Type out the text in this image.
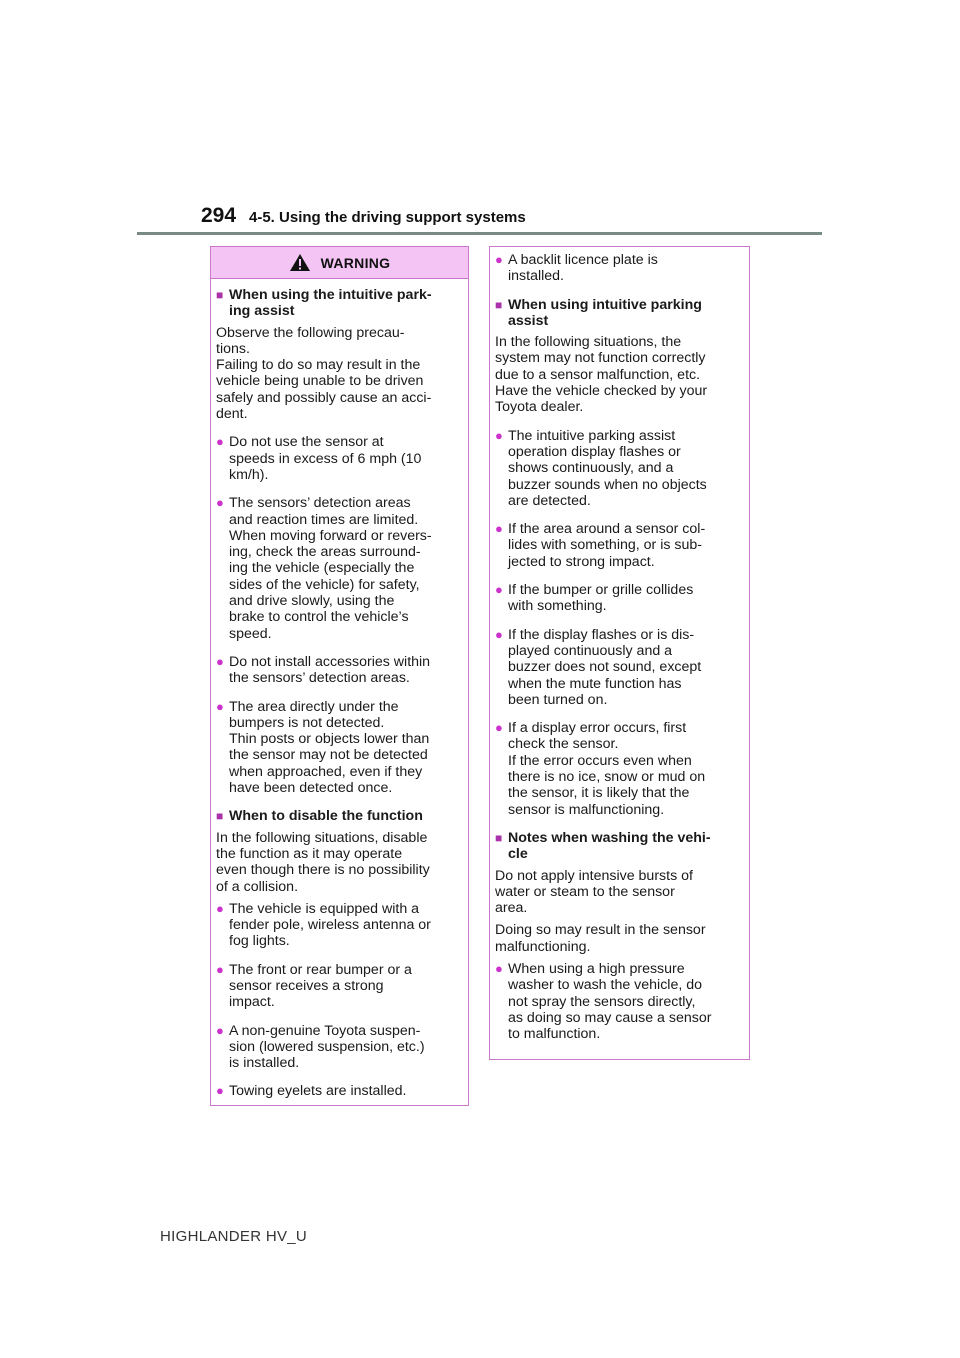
294 4-5. Using the driving support systems
WARNING
■ When using the intuitive park-
ing assist

Observe the following precau-
tions.
Failing to do so may result in the
vehicle being unable to be driven
safely and possibly cause an acci-
dent.

● Do not use the sensor at
speeds in excess of 6 mph (10
km/h).
● The sensors’ detection areas
and reaction times are limited.
When moving forward or revers-
ing, check the areas surround-
ing the vehicle (especially the
sides of the vehicle) for safety,
and drive slowly, using the
brake to control the vehicle’s
speed.
● Do not install accessories within
the sensors’ detection areas.
● The area directly under the
bumpers is not detected.
Thin posts or objects lower than
the sensor may not be detected
when approached, even if they
have been detected once.
■ When to disable the function

In the following situations, disable
the function as it may operate
even though there is no possibility
of a collision.

● The vehicle is equipped with a
fender pole, wireless antenna or
fog lights.
● The front or rear bumper or a
sensor receives a strong
impact.
● A non-genuine Toyota suspen-
sion (lowered suspension, etc.)
is installed.
● Towing eyelets are installed.
● A backlit licence plate is
installed.
■ When using intuitive parking
assist

In the following situations, the
system may not function correctly
due to a sensor malfunction, etc.
Have the vehicle checked by your
Toyota dealer.

● The intuitive parking assist
operation display flashes or
shows continuously, and a
buzzer sounds when no objects
are detected.
● If the area around a sensor col-
lides with something, or is sub-
jected to strong impact.
● If the bumper or grille collides
with something.
● If the display flashes or is dis-
played continuously and a
buzzer does not sound, except
when the mute function has
been turned on.
● If a display error occurs, first
check the sensor.
If the error occurs even when
there is no ice, snow or mud on
the sensor, it is likely that the
sensor is malfunctioning.
■ Notes when washing the vehi-
cle

Do not apply intensive bursts of
water or steam to the sensor
area.

Doing so may result in the sensor
malfunctioning.

● When using a high pressure
washer to wash the vehicle, do
not spray the sensors directly,
as doing so may cause a sensor
to malfunction.
HIGHLANDER HV_U
